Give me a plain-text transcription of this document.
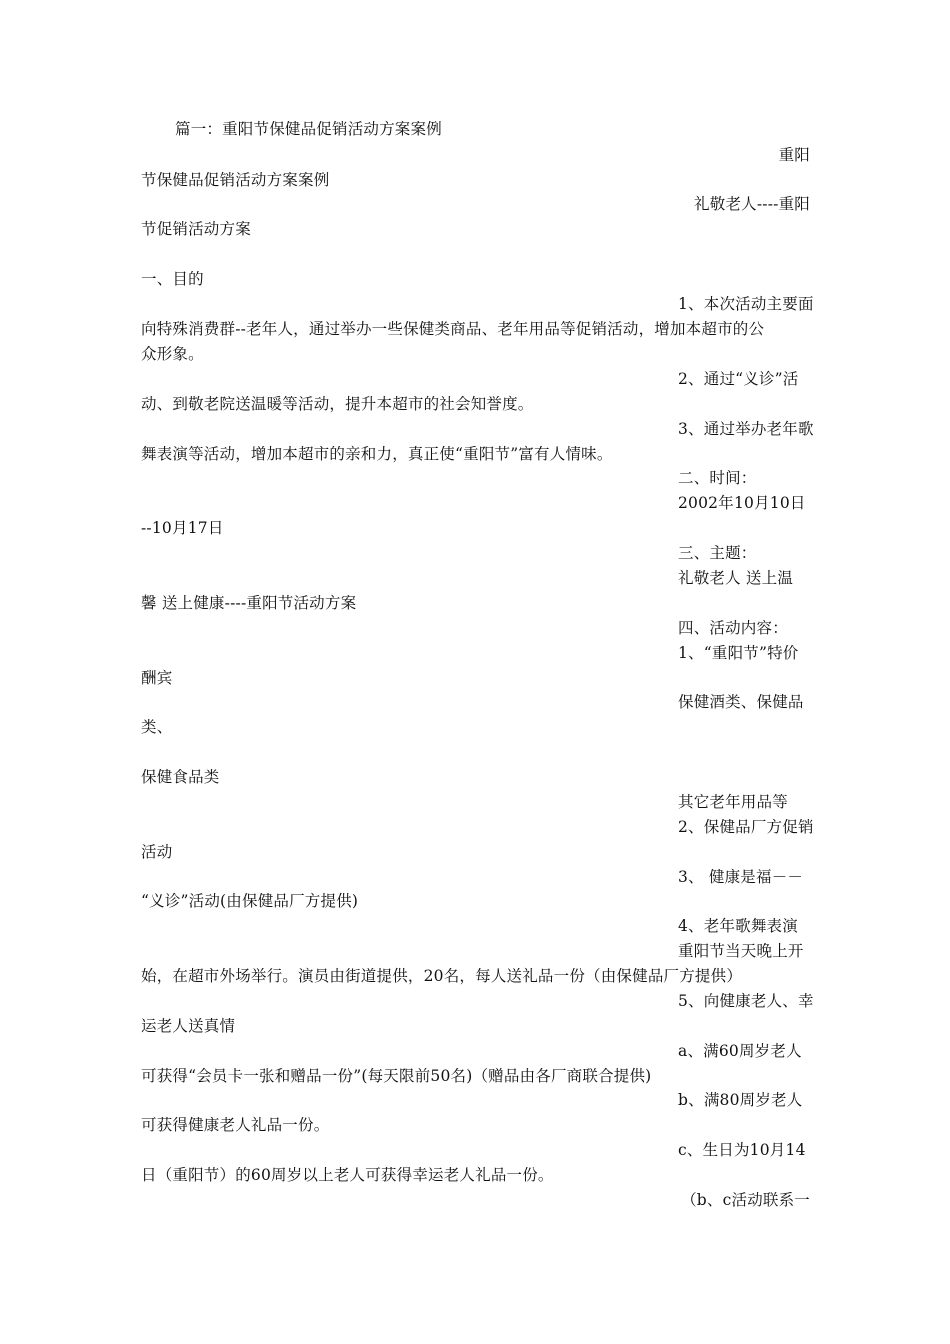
篇一：重阳节保健品促销活动方案案例
重阳
节保健品促销活动方案案例
礼敬老人----重阳
节促销活动方案
一、目的
1、本次活动主要面
向特殊消费群--老年人，通过举办一些保健类商品、老年用品等促销活动，增加本超市的公
众形象。
2、通过“义诊”活
动、到敬老院送温暖等活动，提升本超市的社会知誉度。
3、通过举办老年歌
舞表演等活动，增加本超市的亲和力，真正使“重阳节”富有人情味。
二、时间：
2002年10月10日
--10月17日
三、主题：
礼敬老人 送上温
馨 送上健康----重阳节活动方案
四、活动内容：
1、“重阳节”特价
酬宾
保健酒类、保健品
类、
保健食品类
其它老年用品等
2、保健品厂方促销
活动
3、 健康是福－－
“义诊”活动(由保健品厂方提供)
4、老年歌舞表演
重阳节当天晚上开
始，在超市外场举行。演员由街道提供，20名，每人送礼品一份（由保健品厂方提供）
5、向健康老人、幸
运老人送真情
a、满60周岁老人
可获得“会员卡一张和赠品一份”(每天限前50名)（赠品由各厂商联合提供)
b、满80周岁老人
可获得健康老人礼品一份。
c、生日为10月14
日（重阳节）的60周岁以上老人可获得幸运老人礼品一份。
（b、c活动联系一
